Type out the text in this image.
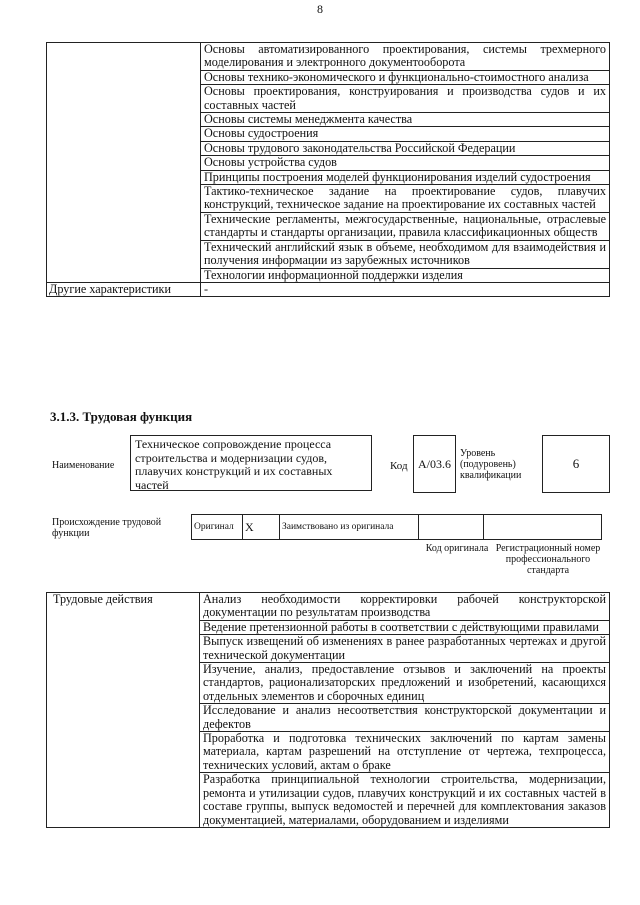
8
	Основы автоматизированного проектирования, системы трехмерного моделирования и электронного документооборота
	Основы технико-экономического и функционально-стоимостного анализа
	Основы проектирования, конструирования и производства судов и их составных частей
	Основы системы менеджмента качества
	Основы судостроения
	Основы трудового законодательства Российской Федерации
	Основы устройства судов
	Принципы построения моделей функционирования изделий судостроения
	Тактико-техническое задание на проектирование судов, плавучих конструкций, техническое задание на проектирование их составных частей
	Технические регламенты, межгосударственные, национальные, отраслевые стандарты и стандарты организации, правила классификационных обществ
	Технический английский язык в объеме, необходимом для взаимодействия и получения информации из зарубежных источников
	Технологии информационной поддержки изделия
Другие характеристики	-
3.1.3. Трудовая функция
Наименование
Техническое сопровождение процесса строительства и модернизации судов, плавучих конструкций и их составных частей
Код A/03.6
Уровень (подуровень) квалификации
6
Происхождение трудовой функции
Оригинал	X	Заимствовано из оригинала		
Код оригинала Регистрационный номер профессионального стандарта
Трудовые действия	Анализ необходимости корректировки рабочей конструкторской документации по результатам производства
Ведение претензионной работы в соответствии с действующими правилами
Выпуск извещений об изменениях в ранее разработанных чертежах и другой технической документации
Изучение, анализ, предоставление отзывов и заключений на проекты стандартов, рационализаторских предложений и изобретений, касающихся отдельных элементов и сборочных единиц
Исследование и анализ несоответствия конструкторской документации и дефектов
Проработка и подготовка технических заключений по картам замены материала, картам разрешений на отступление от чертежа, техпроцесса, технических условий, актам о браке
Разработка принципиальной технологии строительства, модернизации, ремонта и утилизации судов, плавучих конструкций и их составных частей в составе группы, выпуск ведомостей и перечней для комплектования заказов документацией, материалами, оборудованием и изделиями
